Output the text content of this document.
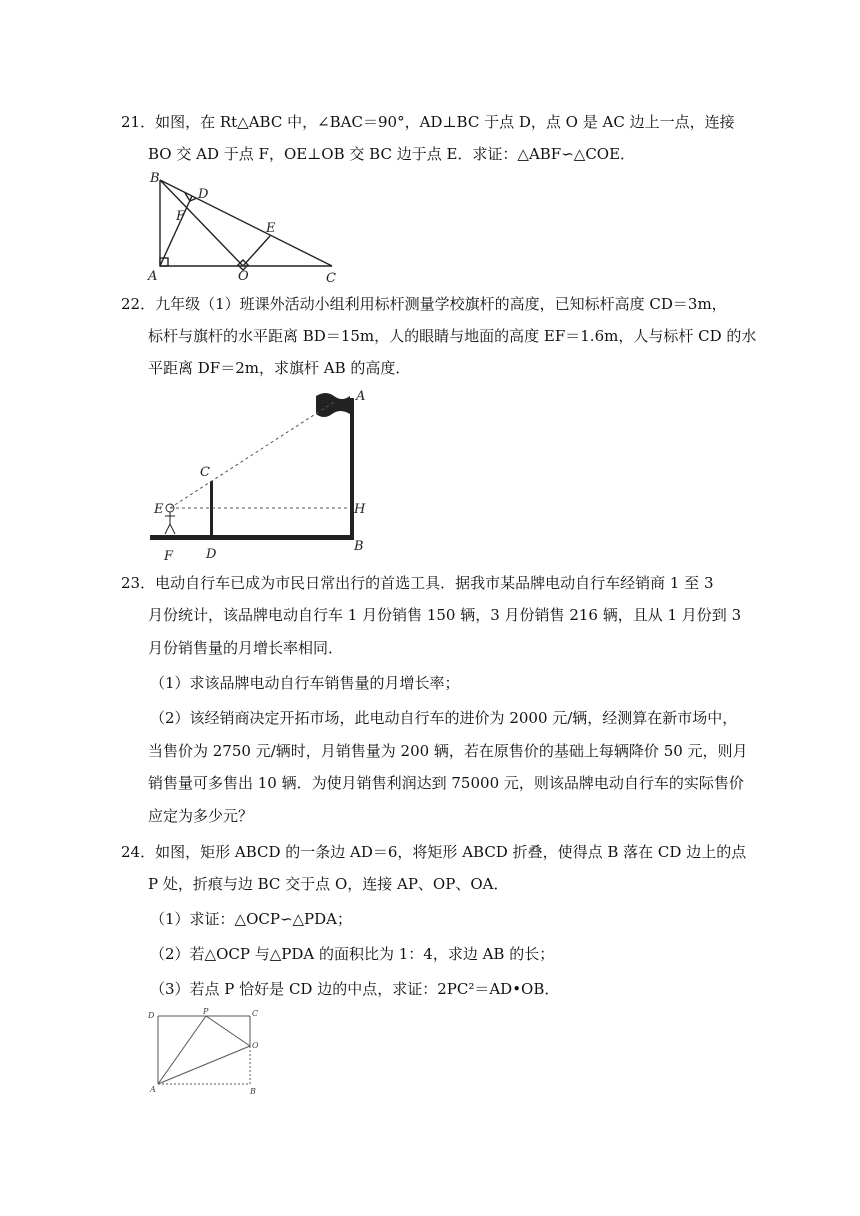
21．如图，在 Rt△ABC 中，∠BAC＝90°，AD⊥BC 于点 D，点 O 是 AC 边上一点，连接
BO 交 AD 于点 F，OE⊥OB 交 BC 边于点 E．求证：△ABF∽△COE．
B
D
F
E
A	O	C
22．九年级（1）班课外活动小组利用标杆测量学校旗杆的高度，已知标杆高度 CD＝3m，
标杆与旗杆的水平距离 BD＝15m，人的眼睛与地面的高度 EF＝1.6m，人与标杆 CD 的水
平距离 DF＝2m，求旗杆 AB 的高度．
A
C
E	H
F	D
B
23．电动自行车已成为市民日常出行的首选工具．据我市某品牌电动自行车经销商 1 至 3
月份统计，该品牌电动自行车 1 月份销售 150 辆，3 月份销售 216 辆，且从 1 月份到 3
月份销售量的月增长率相同．
（1）求该品牌电动自行车销售量的月增长率；
（2）该经销商决定开拓市场，此电动自行车的进价为 2000 元/辆，经测算在新市场中，
当售价为 2750 元/辆时，月销售量为 200 辆，若在原售价的基础上每辆降价 50 元，则月
销售量可多售出 10 辆．为使月销售利润达到 75000 元，则该品牌电动自行车的实际售价
应定为多少元？
24．如图，矩形 ABCD 的一条边 AD＝6，将矩形 ABCD 折叠，使得点 B 落在 CD 边上的点
P 处，折痕与边 BC 交于点 O，连接 AP、OP、OA．
（1）求证：△OCP∽△PDA；
（2）若△OCP 与△PDA 的面积比为 1：4，求边 AB 的长；
（3）若点 P 恰好是 CD 边的中点，求证：2PC²＝AD•OB．
D	P	C
O
A	B
